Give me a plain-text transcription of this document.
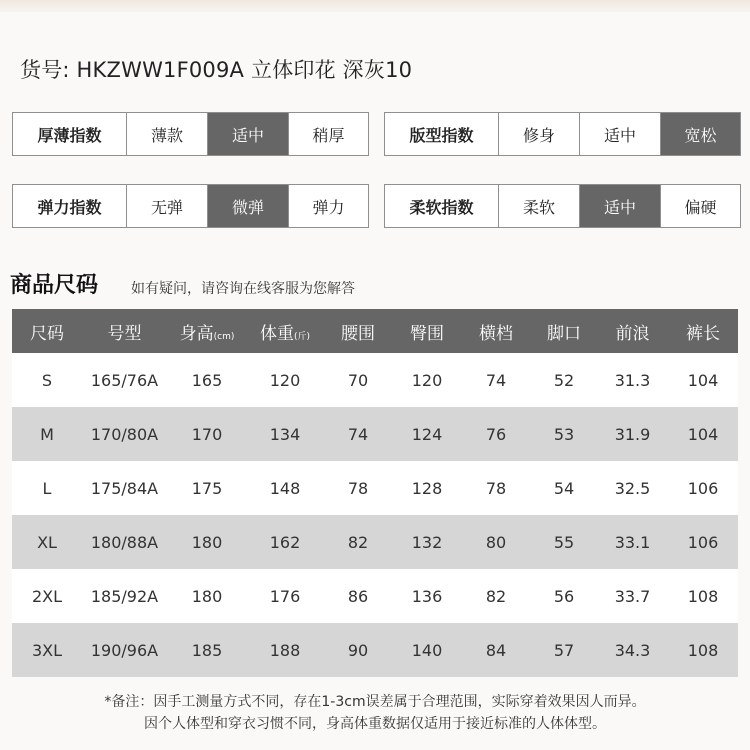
货号: HKZWW1F009A 立体印花 深灰10
厚薄指数	薄款	适中	稍厚	版型指数	修身	适中	宽松
弹力指数	无弹	微弹	弹力	柔软指数	柔软	适中	偏硬
商品尺码 如有疑问，请咨询在线客服为您解答
尺码	号型	身高(cm)	体重(斤)	腰围	臀围	横档	脚口	前浪	裤长
S	165/76A	165	120	70	120	74	52	31.3	104
M	170/80A	170	134	74	124	76	53	31.9	104
L	175/84A	175	148	78	128	78	54	32.5	106
XL	180/88A	180	162	82	132	80	55	33.1	106
2XL	185/92A	180	176	86	136	82	56	33.7	108
3XL	190/96A	185	188	90	140	84	57	34.3	108
*备注：因手工测量方式不同，存在1-3cm误差属于合理范围，实际穿着效果因人而异。
因个人体型和穿衣习惯不同，身高体重数据仅适用于接近标准的人体体型。
